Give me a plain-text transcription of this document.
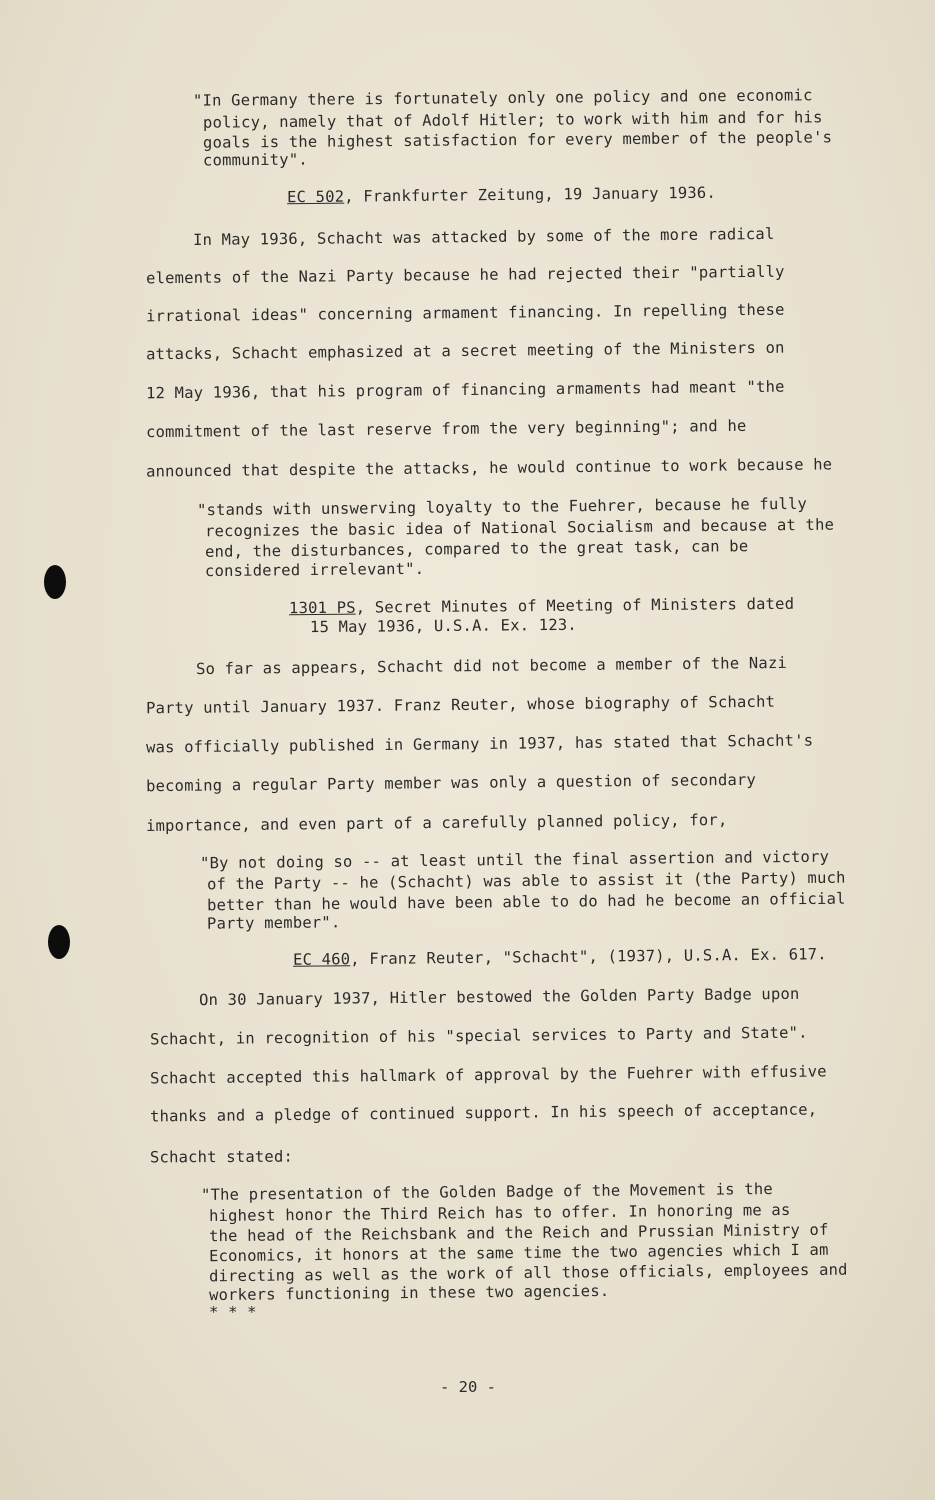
"In Germany there is fortunately only one policy and one economic
policy, namely that of Adolf Hitler; to work with him and for his
goals is the highest satisfaction for every member of the people's
community".
EC 502, Frankfurter Zeitung, 19 January 1936.
In May 1936, Schacht was attacked by some of the more radical
elements of the Nazi Party because he had rejected their "partially
irrational ideas" concerning armament financing. In repelling these
attacks, Schacht emphasized at a secret meeting of the Ministers on
12 May 1936, that his program of financing armaments had meant "the
commitment of the last reserve from the very beginning"; and he
announced that despite the attacks, he would continue to work because he
"stands with unswerving loyalty to the Fuehrer, because he fully
recognizes the basic idea of National Socialism and because at the
end, the disturbances, compared to the great task, can be
considered irrelevant".
1301 PS, Secret Minutes of Meeting of Ministers dated
15 May 1936, U.S.A. Ex. 123.
So far as appears, Schacht did not become a member of the Nazi
Party until January 1937. Franz Reuter, whose biography of Schacht
was officially published in Germany in 1937, has stated that Schacht's
becoming a regular Party member was only a question of secondary
importance, and even part of a carefully planned policy, for,
"By not doing so -- at least until the final assertion and victory
of the Party -- he (Schacht) was able to assist it (the Party) much
better than he would have been able to do had he become an official
Party member".
EC 460, Franz Reuter, "Schacht", (1937), U.S.A. Ex. 617.
On 30 January 1937, Hitler bestowed the Golden Party Badge upon
Schacht, in recognition of his "special services to Party and State".
Schacht accepted this hallmark of approval by the Fuehrer with effusive
thanks and a pledge of continued support. In his speech of acceptance,
Schacht stated:
"The presentation of the Golden Badge of the Movement is the
highest honor the Third Reich has to offer. In honoring me as
the head of the Reichsbank and the Reich and Prussian Ministry of
Economics, it honors at the same time the two agencies which I am
directing as well as the work of all those officials, employees and
workers functioning in these two agencies.
* * *
- 20 -
